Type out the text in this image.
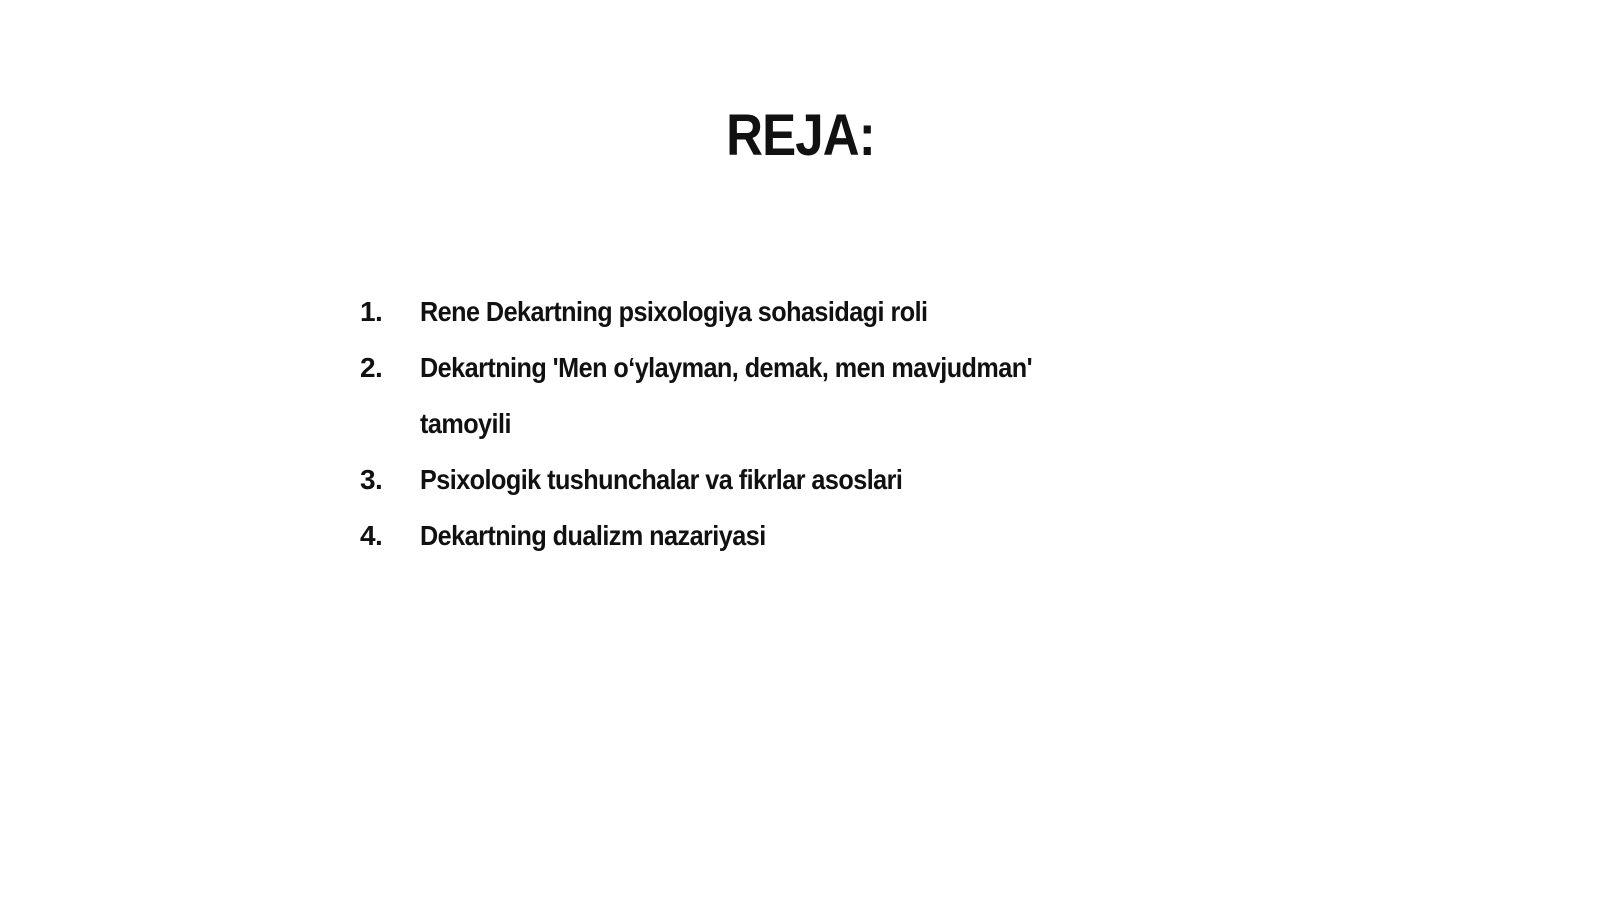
REJA:
1.	Rene Dekartning psixologiya sohasidagi roli
2.	Dekartning 'Men o‘ylayman, demak, men mavjudman' tamoyili
3.	Psixologik tushunchalar va fikrlar asoslari
4.	Dekartning dualizm nazariyasi
